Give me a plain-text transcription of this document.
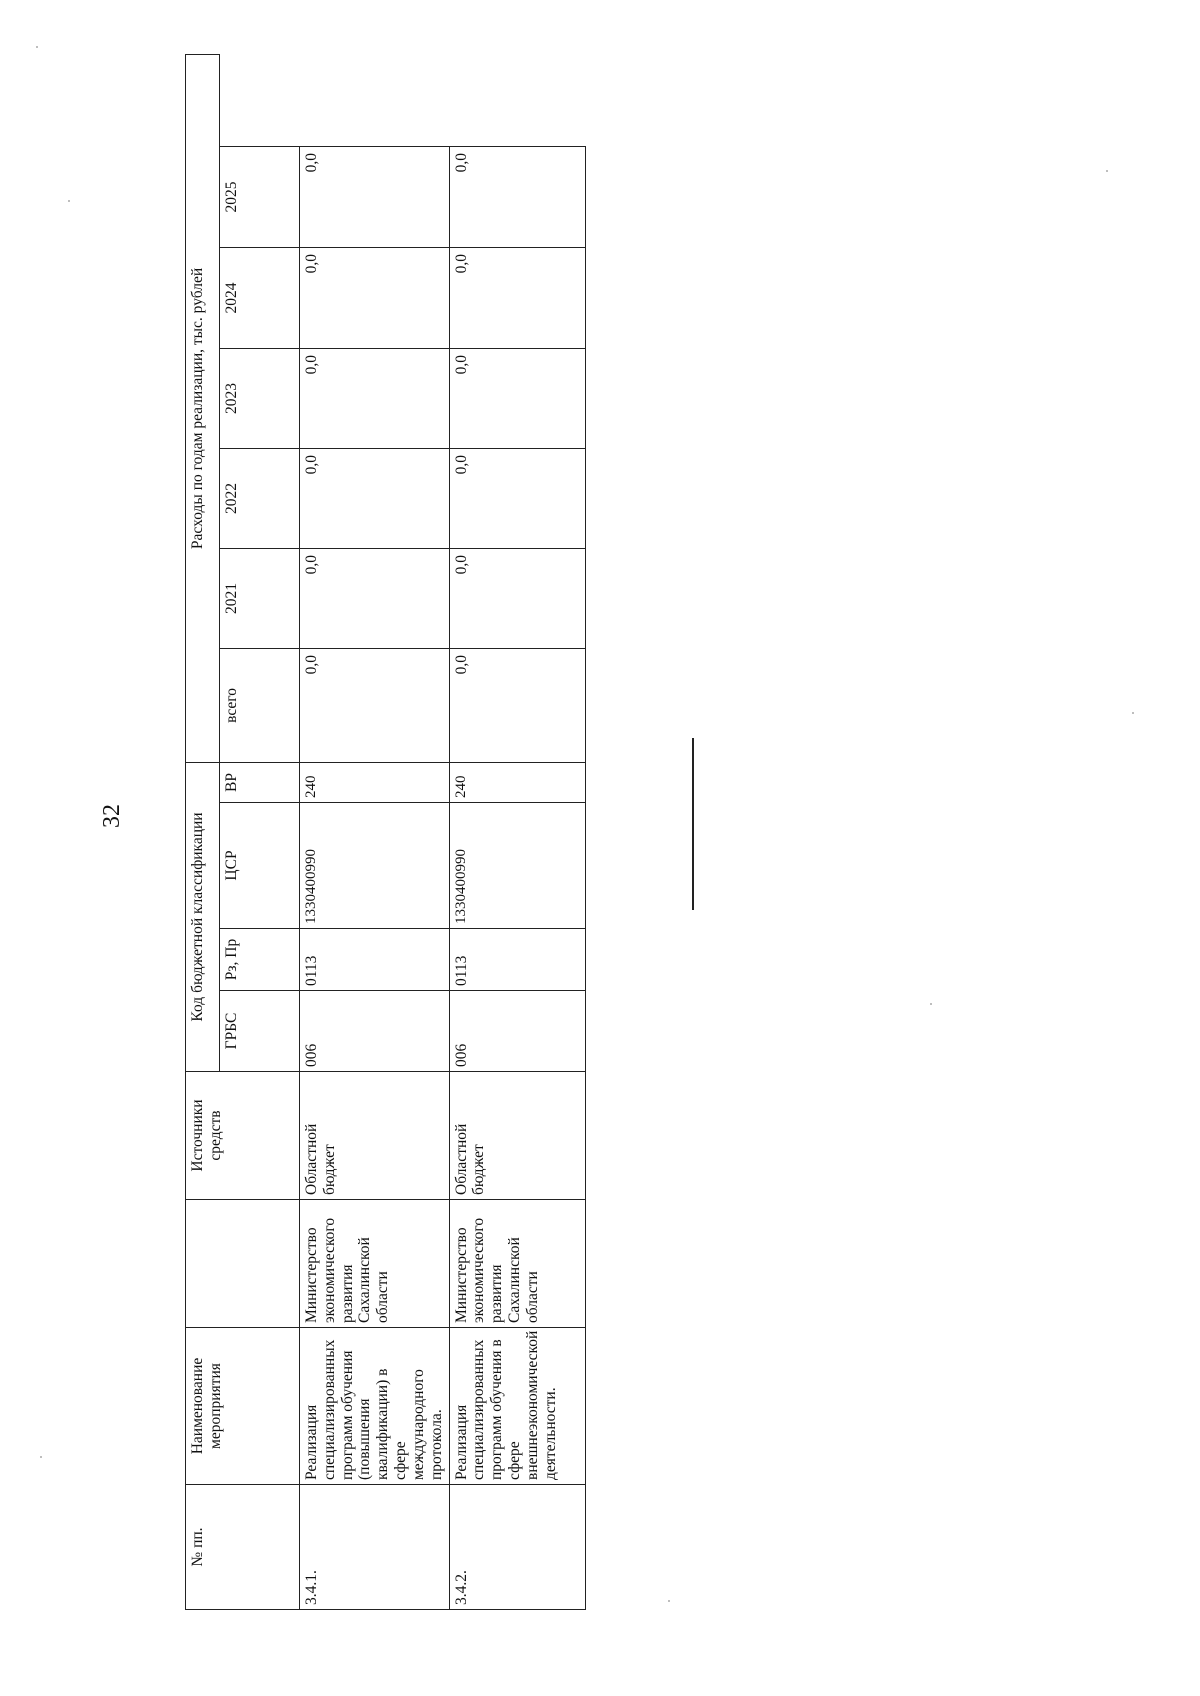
32
№ пп.	Наименование мероприятия		Источники средств	Код бюджетной классификации				Расходы по годам реализации, тыс. рублей					
				ГРБС	Рз, Пр	ЦСР	ВР	всего	2021	2022	2023	2024	2025
3.4.1.	Реализация специализированных программ обучения (повышения квалификации) в сфере международного протокола.	Министерство экономического развития Сахалинской области	Областной бюджет	006	0113	1330400990	240	0,0	0,0	0,0	0,0	0,0	0,0
3.4.2.	Реализация специализированных программ обучения в сфере внешнеэкономической деятельности.	Министерство экономического развития Сахалинской области	Областной бюджет	006	0113	1330400990	240	0,0	0,0	0,0	0,0	0,0	0,0
